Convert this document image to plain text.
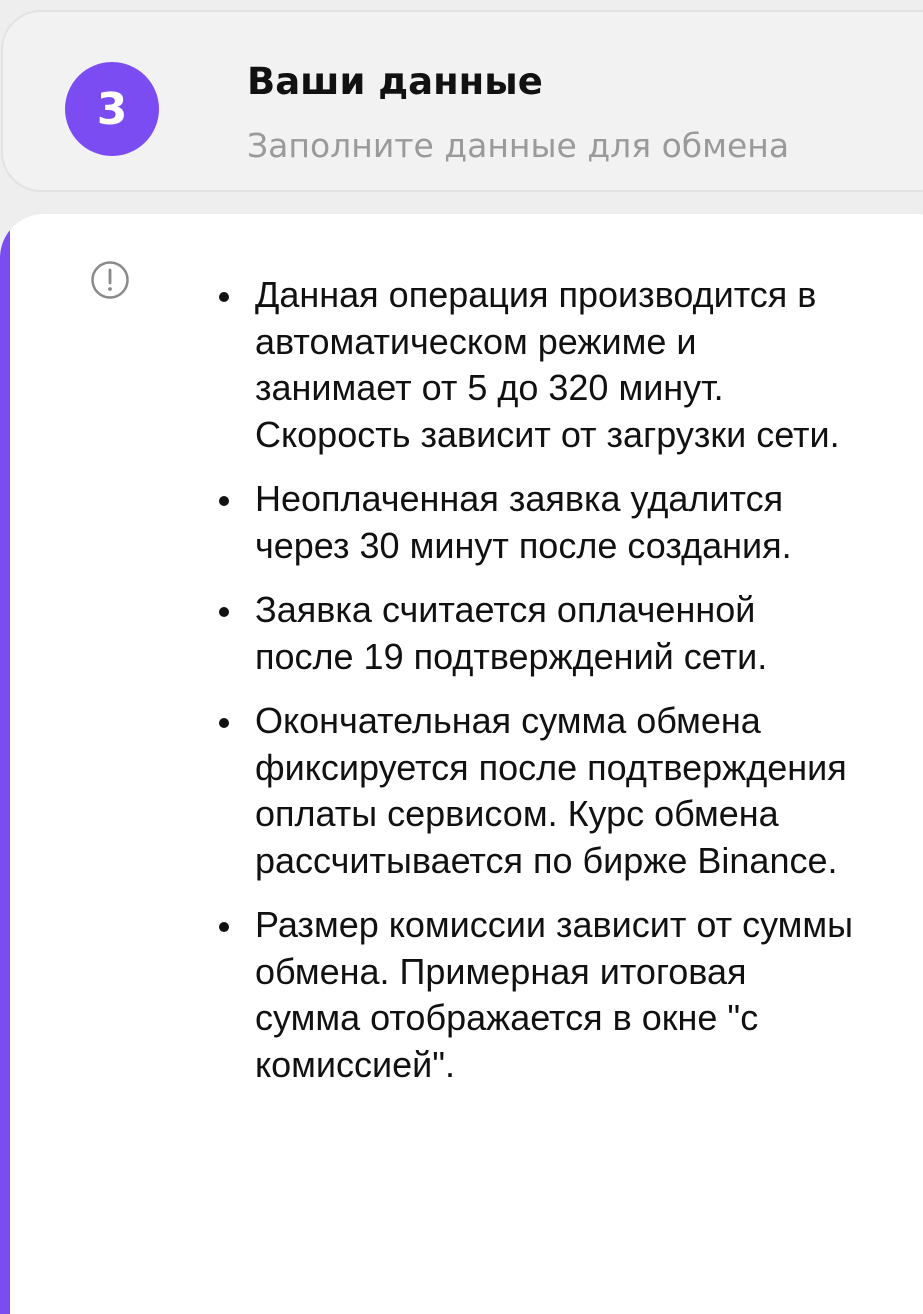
3
Ваши данные
Заполните данные для обмена
Данная операция производится в автоматическом режиме и занимает от 5 до 320 минут. Скорость зависит от загрузки сети.
Неоплаченная заявка удалится через 30 минут после создания.
Заявка считается оплаченной после 19 подтверждений сети.
Окончательная сумма обмена фиксируется после подтверждения оплаты сервисом. Курс обмена рассчитывается по бирже Binance.
Размер комиссии зависит от суммы обмена. Примерная итоговая сумма отображается в окне "с комиссией".
